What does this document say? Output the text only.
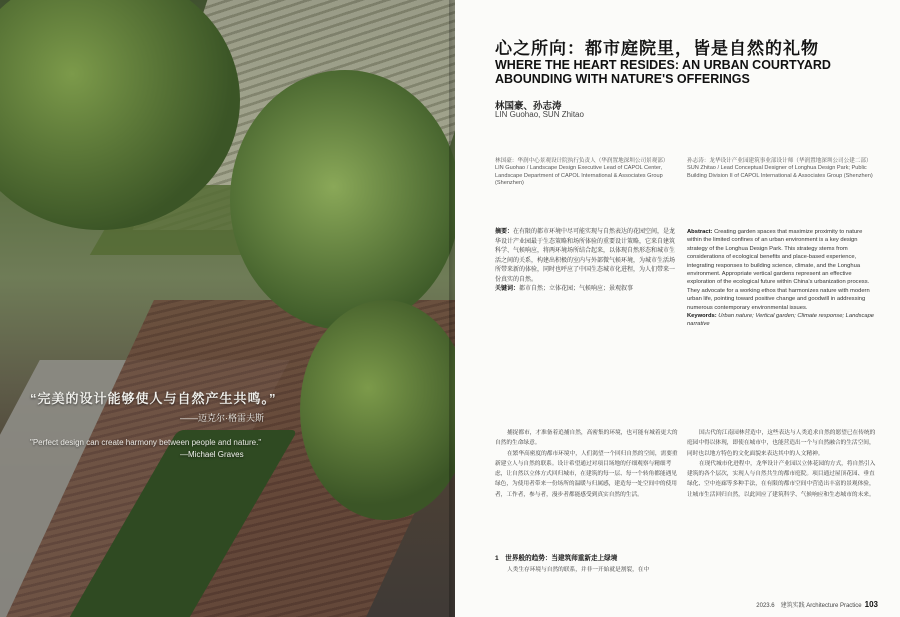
“完美的设计能够使人与自然产生共鸣。”
——迈克尔·格雷夫斯
"Perfect design can create harmony between people and nature."
—Michael Graves
心之所向：都市庭院里，皆是自然的礼物
WHERE THE HEART RESIDES: AN URBAN COURTYARD ABOUNDING WITH NATURE'S OFFERINGS
林国豪、孙志涛
LIN Guohao, SUN Zhitao
林国豪：华润中心景观设计院执行负责人（华润置地深圳公司景观部）
LIN Guohao / Landscape Design Executive Lead of CAPOL Center, Landscape Department of CAPOL International & Associates Group (Shenzhen)
孙志涛：龙华设计产业园建筑事业部设计师（华润置地深圳公司公建二部）
SUN Zhitao / Lead Conceptual Designer of Longhua Design Park; Public Building Division II of CAPOL International & Associates Group (Shenzhen)
摘要：在有限的都市环境中尽可能实现与自然表达的花园空间，是龙华设计产业园最于生态策略和场所体验的重要设计策略，它来自建筑科学、气候响应，将两环境场所结合起来，以体现自然形态和城市生活之间的关系，构建出积极的室内与外部微气候环境，为城市生活场所带来新的体验，同时也呼应了中国生态城市化进程，为人们带来一份真实的自然。
关键词：都市自然；立体花园；气候响应；景观叙事
Abstract: Creating garden spaces that maximize proximity to nature within the limited confines of an urban environment is a key design strategy of the Longhua Design Park. This strategy stems from considerations of ecological benefits and place-based experience, integrating responses to building science, climate, and the Longhua environment. Appropriate vertical gardens represent an effective exploration of the ecological future within China's urbanization process. They advocate for a working ethos that harmonizes nature with modern urban life, pointing toward positive change and goodwill in addressing numerous contemporary environmental issues.
Keywords: Urban nature; Vertical garden; Climate response; Landscape narrative

捕捉都市，才准备着追捕自然，高密集的环境，也可能有城着更大的自然的生命绿意。

在繁华高密度的都市环境中，人们渴望一个回归自然的空间，需要重新建立人与自然的联系。设计希望通过对项目场地的仔细观察与精细考虑，让自然以立体方式回归城市，在建筑的每一层、每一个转角都能遇见绿色，为使用者带来一份场所的温暖与归属感，建造每一处空间中的使用者，工作者，参与者，漫步者都能感受到真实自然的生活。

1　世界般的趋势：当建筑师重新走上绿境
人类生存环境与自然的联系，并非一开始就是割裂，在中

国古代的江南园林营造中，这些表达与人类追求自然的愿望已在传统的庭园中得以体现，即使在城市中，也能营造出一个与自然融合的生活空间，同时也以地方特色的文化面貌来表达其中的人文精神。

在现代城市化进程中，龙华设计产业园以立体花园的方式，将自然引入建筑的各个层次，实现人与自然共生的都市庭院。项目通过屋顶花园、垂直绿化、空中连廊等多种手法，在有限的都市空间中营造出丰富的景观体验，让城市生活回归自然，以此回应了建筑科学、气候响应和生态城市的未来。

2023.6　建筑实践 Architecture Practice 103
